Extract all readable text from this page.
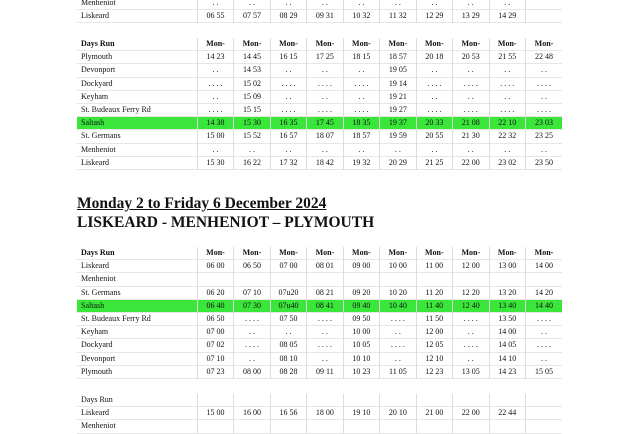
Menheniot	. .	. .	. .	. .	. .	. .	. .	. .	. .	
Liskeard	06 55	07 57	08 29	09 31	10 32	11 32	12 29	13 29	14 29	
Days Run	Mon-	Mon-	Mon-	Mon-	Mon-	Mon-	Mon-	Mon-	Mon-	Mon-
Plymouth	14 23	14 45	16 15	17 25	18 15	18 57	20 18	20 53	21 55	22 48
Devonport	. .	14 53	. .	. .	. .	19 05	. .	. .	. .	. .
Dockyard	. . . .	15 02	. . . .	. . . .	. . . .	19 14	. . . .	. . . .	. . . .	. . . .
Keyham	. .	15 09	. .	. .	. .	19 21	. .	. .	. .	. .
St. Budeaux Ferry Rd	. . . .	15 15	. . . .	. . . .	. . . .	19 27	. . . .	. . . .	. . . .	. . . .
Saltash	14 38	15 30	16 35	17 45	18 35	19 37	20 33	21 08	22 10	23 03
St. Germans	15 00	15 52	16 57	18 07	18 57	19 59	20 55	21 30	22 32	23 25
Menheniot	. .	. .	. .	. .	. .	. .	. .	. .	. .	. .
Liskeard	15 30	16 22	17 32	18 42	19 32	20 29	21 25	22 00	23 02	23 50
Monday 2 to Friday 6 December 2024
LISKEARD - MENHENIOT – PLYMOUTH
Days Run	Mon-	Mon-	Mon-	Mon-	Mon-	Mon-	Mon-	Mon-	Mon-	Mon-
Liskeard	06 00	06 50	07 00	08 01	09 00	10 00	11 00	12 00	13 00	14 00
Menheniot										
St. Germans	06 20	07 10	07u20	08 21	09 20	10 20	11 20	12 20	13 20	14 20
Saltash	06 40	07 30	07u40	08 41	09 40	10 40	11 40	12 40	13 40	14 40
St. Budeaux Ferry Rd	06 50	. . . .	07 50	. . . .	09 50	. . . .	11 50	. . . .	13 50	. . . .
Keyham	07 00	. .	. .	. .	10 00	. .	12 00	. .	14 00	. .
Dockyard	07 02	. . . .	08 05	. . . .	10 05	. . . .	12 05	. . . .	14 05	. . . .
Devonport	07 10	. .	08 10	. .	10 10	. .	12 10	. .	14 10	. .
Plymouth	07 23	08 00	08 28	09 11	10 23	11 05	12 23	13 05	14 23	15 05
Days Run										
Liskeard	15 00	16 00	16 56	18 00	19 10	20 10	21 00	22 00	22 44	
Menheniot										
